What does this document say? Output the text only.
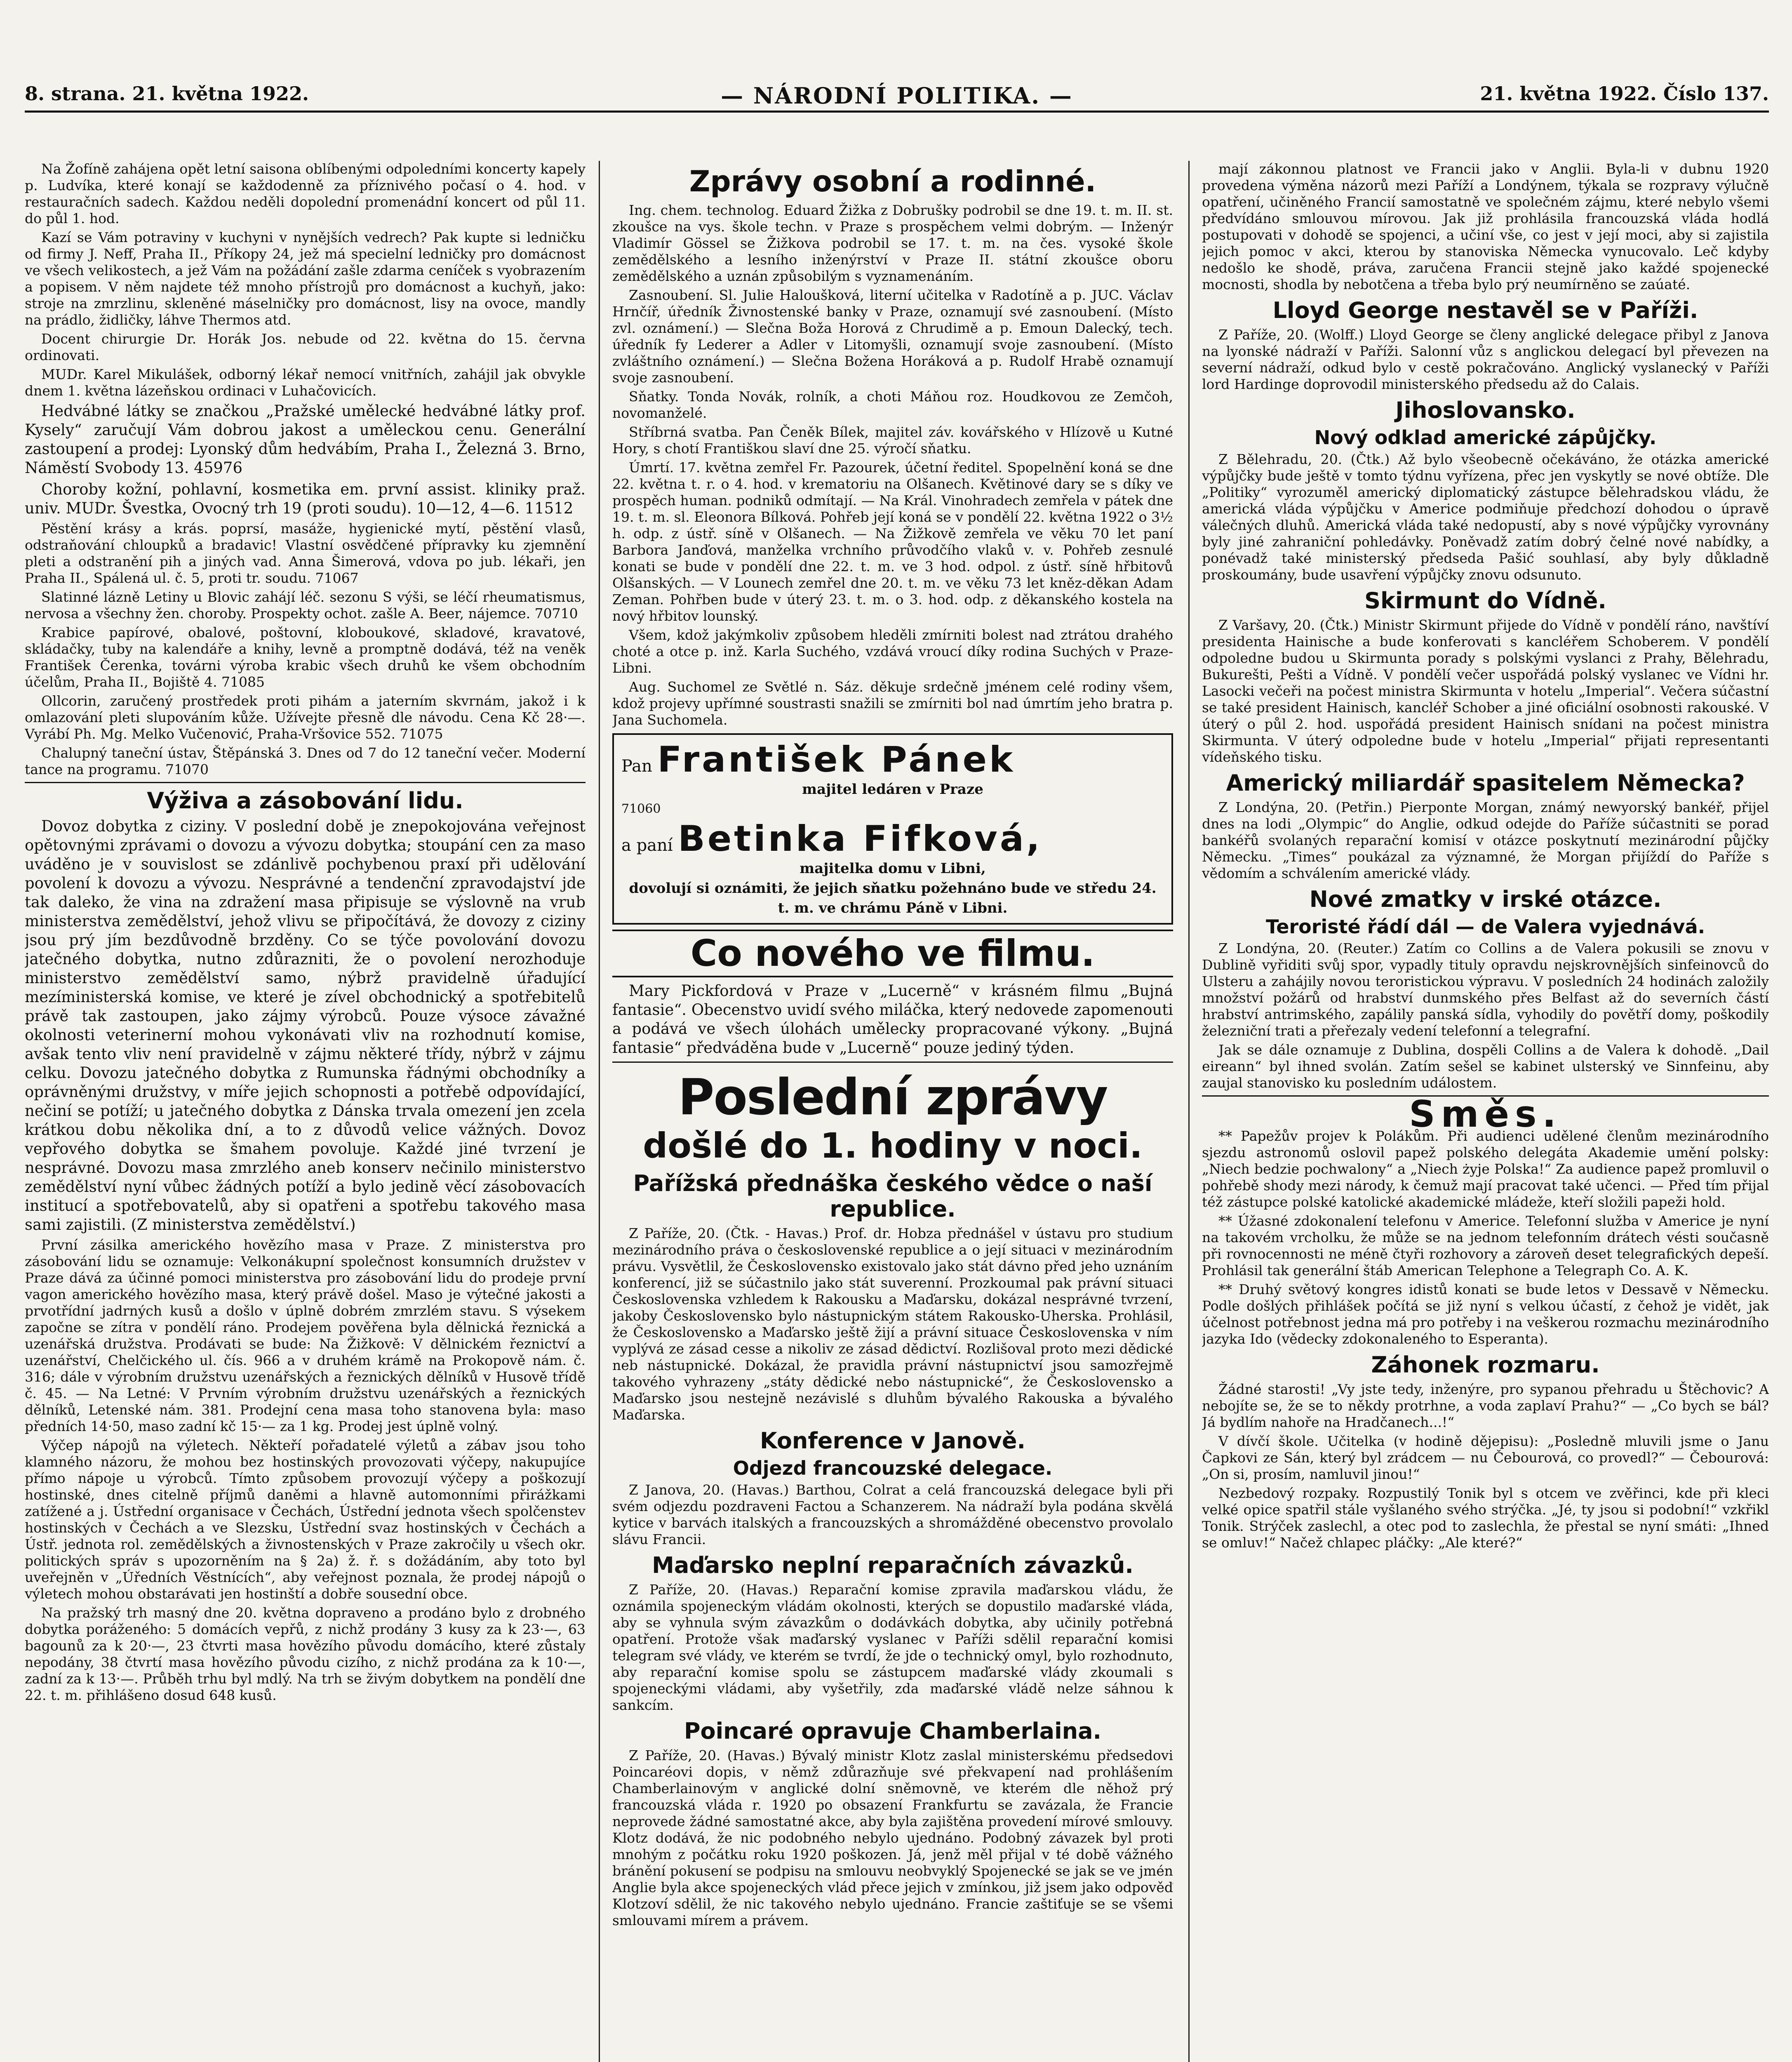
8. strana. 21. května 1922.	— NÁRODNÍ POLITIKA. —	21. května 1922. Číslo 137.

Na Žofíně zahájena opět letní saisona oblíbenými odpoledními koncerty kapely p. Ludvíka, které konají se každodenně za příznivého počasí o 4. hod. v restauračních sadech. Každou neděli dopolední promenádní koncert od půl 11. do půl 1. hod.

Kazí se Vám potraviny v kuchyni v nynějších vedrech? Pak kupte si ledničku od firmy J. Neff, Praha II., Příkopy 24, jež má specielní ledničky pro domácnost ve všech velikostech, a jež Vám na požádání zašle zdarma ceníček s vyobrazením a popisem. V něm najdete též mnoho přístrojů pro domácnost a kuchyň, jako: stroje na zmrzlinu, skleněné máselničky pro domácnost, lisy na ovoce, mandly na prádlo, židličky, láhve Thermos atd.

Docent chirurgie Dr. Horák Jos. nebude od 22. května do 15. června ordinovati.

MUDr. Karel Mikulášek, odborný lékař nemocí vnitřních, zahájil jak obvykle dnem 1. května lázeňskou ordinaci v Luhačovicích.

Hedvábné látky se značkou „Pražské umělecké hedvábné látky prof. Kysely“ zaručují Vám dobrou jakost a uměleckou cenu. Generální zastoupení a prodej: Lyonský dům hedvábím, Praha I., Železná 3. Brno, Náměstí Svobody 13. 45976

Choroby kožní, pohlavní, kosmetika em. první assist. kliniky praž. univ. MUDr. Švestka, Ovocný trh 19 (proti soudu). 10—12, 4—6. 11512

Pěstění krásy a krás. poprsí, masáže, hygienické mytí, pěstění vlasů, odstraňování chloupků a bradavic! Vlastní osvědčené přípravky ku zjemnění pleti a odstranění pih a jiných vad. Anna Šimerová, vdova po jub. lékaři, jen Praha II., Spálená ul. č. 5, proti tr. soudu. 71067

Slatinné lázně Letiny u Blovic zahájí léč. sezonu S výši, se léčí rheumatismus, nervosa a všechny žen. choroby. Prospekty ochot. zašle A. Beer, nájemce. 70710

Krabice papírové, obalové, poštovní, kloboukové, skladové, kravatové, skládačky, tuby na kalendáře a knihy, levně a promptně dodává, též na veněk František Čerenka, továrni výroba krabic všech druhů ke všem obchodním účelům, Praha II., Bojiště 4. 71085

Ollcorin, zaručený prostředek proti pihám a jaterním skvrnám, jakož i k omlazování pleti slupováním kůže. Užívejte přesně dle návodu. Cena Kč 28·—. Vyrábí Ph. Mg. Melko Vučenović, Praha-Vršovice 552. 71075

Chalupný taneční ústav, Štěpánská 3. Dnes od 7 do 12 taneční večer. Moderní tance na programu. 71070

Výživa a zásobování lidu.

Dovoz dobytka z ciziny. V poslední době je znepokojována veřejnost opětovnými zprávami o dovozu a vývozu dobytka; stoupání cen za maso uváděno je v souvislost se zdánlivě pochybenou praxí při udělování povolení k dovozu a vývozu. Nesprávné a tendenční zpravodajství jde tak daleko, že vina na zdražení masa připisuje se výslovně na vrub ministerstva zemědělství, jehož vlivu se připočítává, že dovozy z ciziny jsou prý jím bezdůvodně brzděny. Co se týče povolování dovozu jatečného dobytka, nutno zdůrazniti, že o povolení nerozhoduje ministerstvo zemědělství samo, nýbrž pravidelně úřadující mezíministerská komise, ve které je zível obchodnický a spotřebitelů právě tak zastoupen, jako zájmy výrobců. Pouze výsoce závažné okolnosti veterinerní mohou vykonávati vliv na rozhodnutí komise, avšak tento vliv není pravidelně v zájmu některé třídy, nýbrž v zájmu celku. Dovozu jatečného dobytka z Rumunska řádnými obchodníky a oprávněnými družstvy, v míře jejich schopnosti a potřebě odpovídající, nečiní se potíží; u jatečného dobytka z Dánska trvala omezení jen zcela krátkou dobu několika dní, a to z důvodů velice vážných. Dovoz vepřového dobytka se šmahem povoluje. Každé jiné tvrzení je nesprávné. Dovozu masa zmrzlého aneb konserv nečinilo ministerstvo zemědělství nyní vůbec žádných potíží a bylo jedině věcí zásobovacích institucí a spotřebovatelů, aby si opatřeni a spotřebu takového masa sami zajistili. (Z ministerstva zemědělství.)

První zásilka amerického hovězího masa v Praze. Z ministerstva pro zásobování lidu se oznamuje: Velkonákupní společnost konsumních družstev v Praze dává za účinné pomoci ministerstva pro zásobování lidu do prodeje první vagon amerického hovězího masa, který právě došel. Maso je výtečné jakosti a prvotřídní jadrných kusů a došlo v úplně dobrém zmrzlém stavu. S výsekem započne se zítra v pondělí ráno. Prodejem pověřena byla dělnická řeznická a uzenářská družstva. Prodávati se bude: Na Žižkově: V dělnickém řeznictví a uzenářství, Chelčického ul. čís. 966 a v druhém krámě na Prokopově nám. č. 316; dále v výrobním družstvu uzenářských a řeznických dělníků v Husově třídě č. 45. — Na Letné: V Prvním výrobním družstvu uzenářských a řeznických dělníků, Letenské nám. 381. Prodejní cena masa toho stanovena byla: maso předních 14·50, maso zadní kč 15·— za 1 kg. Prodej jest úplně volný.

Výčep nápojů na výletech. Někteří pořadatelé výletů a zábav jsou toho klamného názoru, že mohou bez hostinských provozovati výčepy, nakupujíce přímo nápoje u výrobců. Tímto způsobem provozují výčepy a poškozují hostinské, dnes citelně příjmů daněmi a hlavně automonními přirážkami zatížené a j. Ústřední organisace v Čechách, Ústřední jednota všech spolčenstev hostinských v Čechách a ve Slezsku, Ústřední svaz hostinských v Čechách a Ústř. jednota rol. zemědělských a živnostenských v Praze zakročily u všech okr. politických správ s upozorněním na § 2a) ž. ř. s dožádáním, aby toto byl uveřejněn v „Úředních Věstnících“, aby veřejnost poznala, že prodej nápojů o výletech mohou obstarávati jen hostinští a dobře sousední obce.

Na pražský trh masný dne 20. května dopraveno a prodáno bylo z drobného dobytka poráženého: 5 domácích vepřů, z nichž prodány 3 kusy za k 23·—, 63 bagounů za k 20·—, 23 čtvrti masa hovězího původu domácího, které zůstaly nepodány, 38 čtvrtí masa hovězího původu cizího, z nichž prodána za k 10·—, zadní za k 13·—. Průběh trhu byl mdlý. Na trh se živým dobytkem na pondělí dne 22. t. m. přihlášeno dosud 648 kusů.

Zprávy osobní a rodinné.

Ing. chem. technolog. Eduard Žižka z Dobrušky podrobil se dne 19. t. m. II. st. zkoušce na vys. škole techn. v Praze s prospěchem velmi dobrým. — Inženýr Vladimír Gössel se Žižkova podrobil se 17. t. m. na čes. vysoké škole zemědělského a lesního inženýrství v Praze II. státní zkoušce oboru zemědělského a uznán způsobilým s vyznamenáním.

Zasnoubení. Sl. Julie Haloušková, literní učitelka v Radotíně a p. JUC. Václav Hrnčíř, úředník Živnostenské banky v Praze, oznamují své zasnoubení. (Místo zvl. oznámení.) — Slečna Boža Horová z Chrudimě a p. Emoun Dalecký, tech. úředník fy Lederer a Adler v Litomyšli, oznamují svoje zasnoubení. (Místo zvláštního oznámení.) — Slečna Božena Horáková a p. Rudolf Hrabě oznamují svoje zasnoubení.

Sňatky. Tonda Novák, rolník, a choti Máňou roz. Houdkovou ze Zemčoh, novomanželé.

Stříbrná svatba. Pan Čeněk Bílek, majitel záv. kovářského v Hlízově u Kutné Hory, s chotí Františkou slaví dne 25. výročí sňatku.

Úmrtí. 17. května zemřel Fr. Pazourek, účetní ředitel. Spopelnění koná se dne 22. května t. r. o 4. hod. v krematoriu na Olšanech. Květinové dary se s díky ve prospěch human. podniků odmítají. — Na Král. Vinohradech zemřela v pátek dne 19. t. m. sl. Eleonora Bílková. Pohřeb její koná se v pondělí 22. května 1922 o 3½ h. odp. z ústř. síně v Olšanech. — Na Žižkově zemřela ve věku 70 let paní Barbora Janďová, manželka vrchního průvodčího vlaků v. v. Pohřeb zesnulé konati se bude v pondělí dne 22. t. m. ve 3 hod. odpol. z ústř. síně hřbitovů Olšanských. — V Lounech zemřel dne 20. t. m. ve věku 73 let kněz-děkan Adam Zeman. Pohřben bude v úterý 23. t. m. o 3. hod. odp. z děkanského kostela na nový hřbitov lounský.

Všem, kdož jakýmkoliv způsobem hleděli zmírniti bolest nad ztrátou drahého choté a otce p. inž. Karla Suchého, vzdává vroucí díky rodina Suchých v Praze-Libni.

Aug. Suchomel ze Světlé n. Sáz. děkuje srdečně jménem celé rodiny všem, kdož projevy upřímné soustrasti snažili se zmírniti bol nad úmrtím jeho bratra p. Jana Suchomela.

Pan František Pánek
majitel ledáren v Praze
71060
a paní Betinka Fifková,
majitelka domu v Libni,
dovolují si oznámiti, že jejich sňatku požehnáno bude ve středu 24. t. m. ve chrámu Páně v Libni.
Co nového ve filmu.

Mary Pickfordová v Praze v „Lucerně“ v krásném filmu „Bujná fantasie“. Obecenstvo uvidí svého miláčka, který nedovede zapomenouti a podává ve všech úlohách umělecky propracované výkony. „Bujná fantasie“ předváděna bude v „Lucerně“ pouze jediný týden.

Poslední zprávy
došlé do 1. hodiny v noci.
Pařížská přednáška českého vědce o naší republice.

Z Paříže, 20. (Čtk. - Havas.) Prof. dr. Hobza přednášel v ústavu pro studium mezinárodního práva o československé republice a o její situaci v mezinárodním právu. Vysvětlil, že Československo existovalo jako stát dávno před jeho uznáním konferencí, již se súčastnilo jako stát suverenní. Prozkoumal pak právní situaci Československa vzhledem k Rakousku a Maďarsku, dokázal nesprávné tvrzení, jakoby Československo bylo nástupnickým státem Rakousko-Uherska. Prohlásil, že Československo a Maďarsko ještě žijí a právní situace Československa v ním vyplývá ze zásad cesse a nikoliv ze zásad dědictví. Rozlišoval proto mezi dědické neb nástupnické. Dokázal, že pravidla právní nástupnictví jsou samozřejmě takového vyhrazeny „státy dědické nebo nástupnické“, že Československo a Maďarsko jsou nestejně nezávislé s dluhům bývalého Rakouska a bývalého Maďarska.

Konference v Janově.
Odjezd francouzské delegace.

Z Janova, 20. (Havas.) Barthou, Colrat a celá francouzská delegace byli při svém odjezdu pozdraveni Factou a Schanzerem. Na nádraží byla podána skvělá kytice v barvách italských a francouzských a shromážděné obecenstvo provolalo slávu Francii.

Maďarsko neplní reparačních závazků.

Z Paříže, 20. (Havas.) Reparační komise zpravila maďarskou vládu, že oznámila spojeneckým vládám okolnosti, kterých se dopustilo maďarské vláda, aby se vyhnula svým závazkům o dodávkách dobytka, aby učinily potřebná opatření. Protože však maďarský vyslanec v Paříži sdělil reparační komisi telegram své vlády, ve kterém se tvrdí, že jde o technický omyl, bylo rozhodnuto, aby reparační komise spolu se zástupcem maďarské vlády zkoumali s spojeneckými vládami, aby vyšetřily, zda maďarské vládě nelze sáhnou k sankcím.

Poincaré opravuje Chamberlaina.

Z Paříže, 20. (Havas.) Bývalý ministr Klotz zaslal ministerskému předsedovi Poincaréovi dopis, v němž zdůrazňuje své překvapení nad prohlášením Chamberlainovým v anglické dolní sněmovně, ve kterém dle něhož prý francouzská vláda r. 1920 po obsazení Frankfurtu se zavázala, že Francie neprovede žádné samostatné akce, aby byla zajištěna provedení mírové smlouvy. Klotz dodává, že nic podobného nebylo ujednáno. Podobný závazek byl proti mnohým z počátku roku 1920 poškozen. Já, jenž měl přijal v té době vážného bránění pokusení se podpisu na smlouvu neobvyklý Spojenecké se jak se ve jmén Anglie byla akce spojeneckých vlád přece jejich v zmínkou, již jsem jako odpověď Klotzoví sdělil, že nic takového nebylo ujednáno. Francie zaštiťuje se se všemi smlouvami mírem a právem.

mají zákonnou platnost ve Francii jako v Anglii. Byla-li v dubnu 1920 provedena výměna názorů mezi Paříží a Londýnem, týkala se rozpravy výlučně opatření, učiněného Francií samostatně ve společném zájmu, které nebylo všemi předvídáno smlouvou mírovou. Jak již prohlásila francouzská vláda hodlá postupovati v dohodě se spojenci, a učiní vše, co jest v její moci, aby si zajistila jejich pomoc v akci, kterou by stanoviska Německa vynucovalo. Leč kdyby nedošlo ke shodě, práva, zaručena Francii stejně jako každé spojenecké mocnosti, shodla by nebotčena a třeba bylo prý neumírněno se zaúaté.

Lloyd George nestavěl se v Paříži.

Z Paříže, 20. (Wolff.) Lloyd George se členy anglické delegace přibyl z Janova na lyonské nádraží v Paříži. Salonní vůz s anglickou delegací byl převezen na severní nádraží, odkud bylo v cestě pokračováno. Anglický vyslanecký v Paříži lord Hardinge doprovodil ministerského předsedu až do Calais.

Jihoslovansko.
Nový odklad americké zápůjčky.

Z Bělehradu, 20. (Čtk.) Až bylo všeobecně očekáváno, že otázka americké výpůjčky bude ještě v tomto týdnu vyřízena, přec jen vyskytly se nové obtíže. Dle „Politiky“ vyrozuměl americký diplomatický zástupce bělehradskou vládu, že americká vláda výpůjčku v Americe podmiňuje předchozí dohodou o úpravě válečných dluhů. Americká vláda také nedopustí, aby s nové výpůjčky vyrovnány byly jiné zahraniční pohledávky. Poněvadž zatím dobrý čelné nové nabídky, a ponévadž také ministerský předseda Pašić souhlasí, aby byly důkladně proskoumány, bude usavření výpůjčky znovu odsunuto.

Skirmunt do Vídně.

Z Varšavy, 20. (Čtk.) Ministr Skirmunt přijede do Vídně v pondělí ráno, navštíví presidenta Hainische a bude konferovati s kancléřem Schoberem. V pondělí odpoledne budou u Skirmunta porady s polskými vyslanci z Prahy, Bělehradu, Bukurešti, Pešti a Vídně. V pondělí večer uspořádá polský vyslanec ve Vídni hr. Lasocki večeři na počest ministra Skirmunta v hotelu „Imperial“. Večera súčastní se také president Hainisch, kancléř Schober a jiné oficiální osobnosti rakouské. V úterý o půl 2. hod. uspořádá president Hainisch snídani na počest ministra Skirmunta. V úterý odpoledne bude v hotelu „Imperial“ přijati representanti vídeňského tisku.

Americký miliardář spasitelem Německa?

Z Londýna, 20. (Petřin.) Pierponte Morgan, známý newyorský bankéř, přijel dnes na lodi „Olympic“ do Anglie, odkud odejde do Paříže súčastniti se porad bankéřů svolaných reparační komisí v otázce poskytnutí mezinárodní půjčky Německu. „Times“ poukázal za významné, že Morgan přijíždí do Paříže s vědomím a schválením americké vlády.

Nové zmatky v irské otázce.
Teroristé řádí dál — de Valera vyjednává.

Z Londýna, 20. (Reuter.) Zatím co Collins a de Valera pokusili se znovu v Dublině vyřiditi svůj spor, vypadly tituly opravdu nejskrovnějších sinfeinovců do Ulsteru a zahájily novou teroristickou výpravu. V posledních 24 hodinách založily množství požárů od hrabství dunmského přes Belfast až do severních částí hrabství antrimského, zapálily panská sídla, vyhodily do povětří domy, poškodily železniční trati a přeřezaly vedení telefonní a telegrafní.

Jak se dále oznamuje z Dublina, dospěli Collins a de Valera k dohodě. „Dail eireann“ byl ihned svolán. Zatím sešel se kabinet ulsterský ve Sinnfeinu, aby zaujal stanovisko ku posledním událostem.

Směs.

** Papežův projev k Polákům. Při audienci udělené členům mezinárodního sjezdu astronomů oslovil papež polského delegáta Akademie umění polsky: „Niech bedzie pochwalony“ a „Niech żyje Polska!“ Za audience papež promluvil o pohřebě shody mezi národy, k čemuž mají pracovat také učenci. — Před tím přijal též zástupce polské katolické akademické mládeže, kteří složili papeži hold.

** Úžasné zdokonalení telefonu v Americe. Telefonní služba v Americe je nyní na takovém vrcholku, že může se na jednom telefonním drátech vésti současně při rovnocennosti ne méně čtyři rozhovory a zároveň deset telegrafických depeší. Prohlásil tak generální štáb American Telephone a Telegraph Co. A. K.

** Druhý světový kongres idistů konati se bude letos v Dessavě v Německu. Podle došlých přihlášek počítá se již nyní s velkou účastí, z čehož je vidět, jak účelnost potřebnost jedna má pro potřeby i na veškerou rozmachu mezinárodního jazyka Ido (vědecky zdokonaleného to Esperanta).

Záhonek rozmaru.

Žádné starosti! „Vy jste tedy, inženýre, pro sypanou přehradu u Štěchovic? A nebojíte se, že se to někdy protrhne, a voda zaplaví Prahu?“ — „Co bych se bál? Já bydlím nahoře na Hradčanech...!“

V dívčí škole. Učitelka (v hodině dějepisu): „Posledně mluvili jsme o Janu Čapkovi ze Sán, který byl zrádcem — nu Čebourová, co provedl?“ — Čebourová: „On si, prosím, namluvil jinou!“

Nezbedový rozpaky. Rozpustilý Tonik byl s otcem ve zvěřinci, kde při kleci velké opice spatřil stále vyšlaného svého strýčka. „Jé, ty jsou si podobní!“ vzkřikl Tonik. Strýček zaslechl, a otec pod to zaslechla, že přestal se nyní smáti: „Ihned se omluv!“ Načež chlapec pláčky: „Ale které?“
